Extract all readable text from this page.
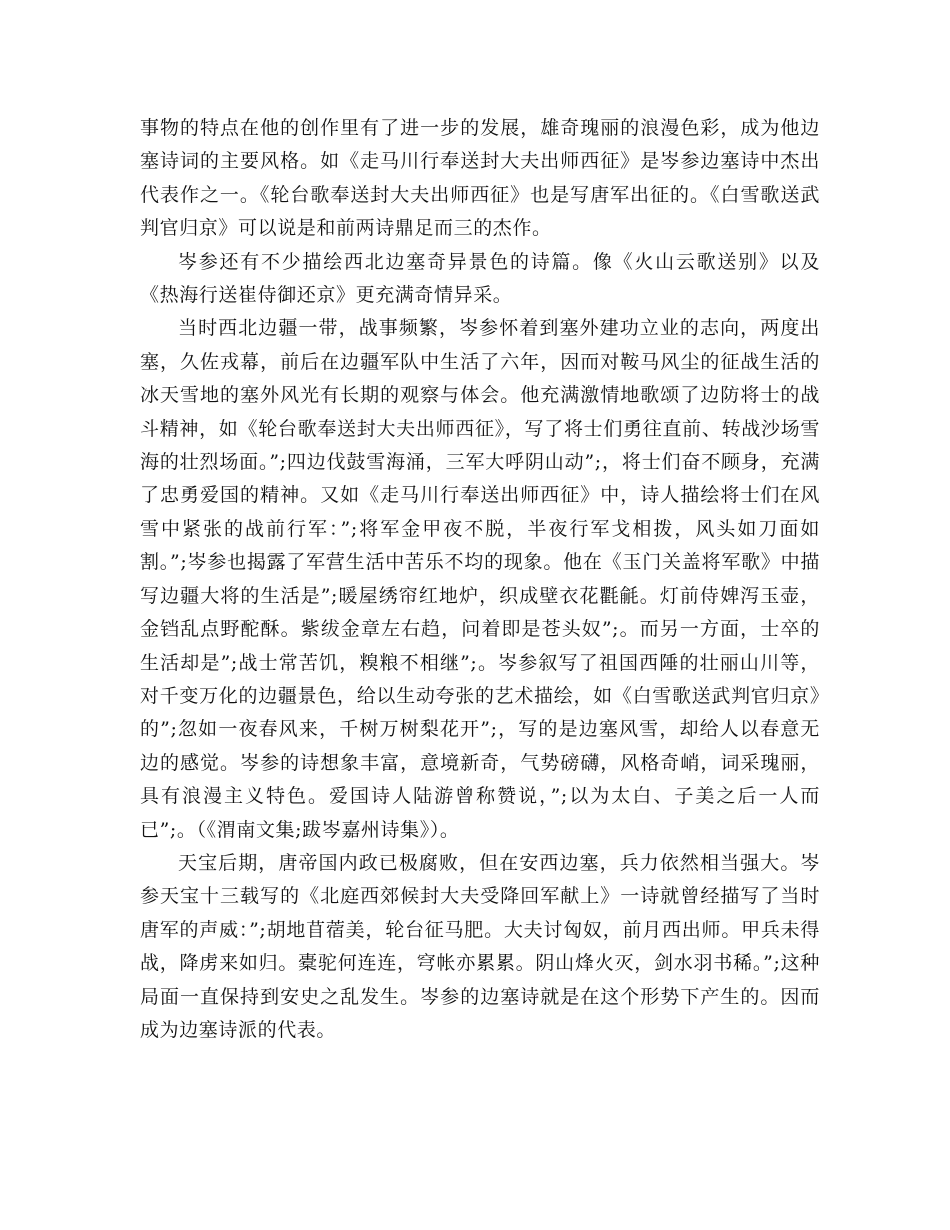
事物的特点在他的创作里有了进一步的发展，雄奇瑰丽的浪漫色彩，成为他边塞诗词的主要风格。如《走马川行奉送封大夫出师西征》是岑参边塞诗中杰出代表作之一。《轮台歌奉送封大夫出师西征》也是写唐军出征的。《白雪歌送武判官归京》可以说是和前两诗鼎足而三的杰作。

岑参还有不少描绘西北边塞奇异景色的诗篇。像《火山云歌送别》以及《热海行送崔侍御还京》更充满奇情异采。

当时西北边疆一带，战事频繁，岑参怀着到塞外建功立业的志向，两度出塞，久佐戎幕，前后在边疆军队中生活了六年，因而对鞍马风尘的征战生活的冰天雪地的塞外风光有长期的观察与体会。他充满激情地歌颂了边防将士的战斗精神，如《轮台歌奉送封大夫出师西征》，写了将士们勇往直前、转战沙场雪海的壮烈场面。”;四边伐鼓雪海涌，三军大呼阴山动”;，将士们奋不顾身，充满了忠勇爱国的精神。又如《走马川行奉送出师西征》中，诗人描绘将士们在风雪中紧张的战前行军：”;将军金甲夜不脱，半夜行军戈相拨，风头如刀面如割。”;岑参也揭露了军营生活中苦乐不均的现象。他在《玉门关盖将军歌》中描写边疆大将的生活是”;暖屋绣帘红地炉，织成壁衣花氍毹。灯前侍婢泻玉壶，金铛乱点野酡酥。紫绂金章左右趋，问着即是苍头奴”;。而另一方面，士卒的生活却是”;战士常苦饥，糗粮不相继”;。岑参叙写了祖国西陲的壮丽山川等，对千变万化的边疆景色，给以生动夸张的艺术描绘，如《白雪歌送武判官归京》的”;忽如一夜春风来，千树万树梨花开”;，写的是边塞风雪，却给人以春意无边的感觉。岑参的诗想象丰富，意境新奇，气势磅礴，风格奇峭，词采瑰丽，具有浪漫主义特色。爱国诗人陆游曾称赞说，”;以为太白、子美之后一人而已”;。（《渭南文集;跋岑嘉州诗集》）。

天宝后期，唐帝国内政已极腐败，但在安西边塞，兵力依然相当强大。岑参天宝十三载写的《北庭西郊候封大夫受降回军献上》一诗就曾经描写了当时唐军的声威：”;胡地苜蓿美，轮台征马肥。大夫讨匈奴，前月西出师。甲兵未得战，降虏来如归。橐驼何连连，穹帐亦累累。阴山烽火灭，剑水羽书稀。”;这种局面一直保持到安史之乱发生。岑参的边塞诗就是在这个形势下产生的。因而成为边塞诗派的代表。
